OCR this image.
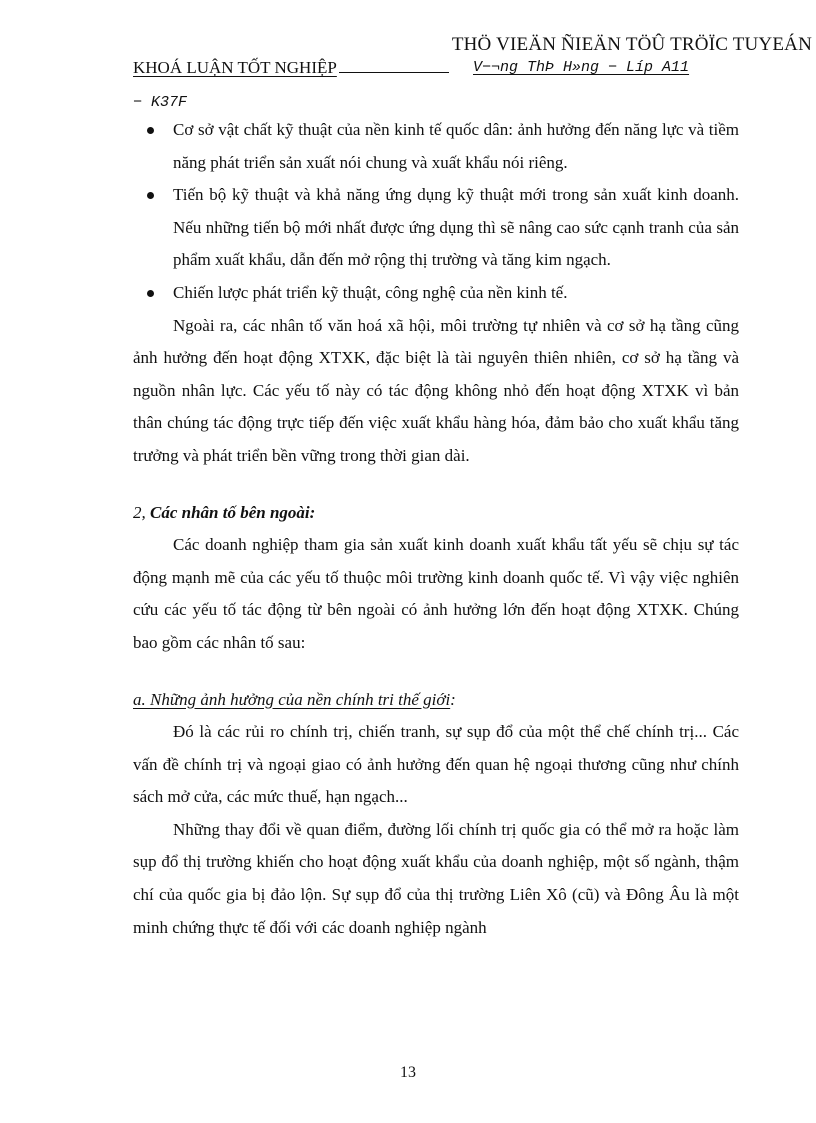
THÖ VIEÄN ÑIEÄN TÖÛ TRÖÏC TUYEÁN
KHOÁ LUẬN TỐT NGHIỆP	V−¬ng ThÞ H»ng − Líp A11
− K37F
Cơ sở vật chất kỹ thuật của nền kinh tế quốc dân: ảnh hưởng đến năng lực và tiềm năng phát triển sản xuất nói chung và xuất khẩu nói riêng.
Tiến bộ kỹ thuật và khả năng ứng dụng kỹ thuật mới trong sản xuất kinh doanh. Nếu những tiến bộ mới nhất được ứng dụng thì sẽ nâng cao sức cạnh tranh của sản phẩm xuất khẩu, dẫn đến mở rộng thị trường và tăng kim ngạch.
Chiến lược phát triển kỹ thuật, công nghệ của nền kinh tế.

Ngoài ra, các nhân tố văn hoá xã hội, môi trường tự nhiên và cơ sở hạ tầng cũng ảnh hưởng đến hoạt động XTXK, đặc biệt là tài nguyên thiên nhiên, cơ sở hạ tầng và nguồn nhân lực. Các yếu tố này có tác động không nhỏ đến hoạt động XTXK vì bản thân chúng tác động trực tiếp đến việc xuất khẩu hàng hóa, đảm bảo cho xuất khẩu tăng trưởng và phát triển bền vững trong thời gian dài.

2, Các nhân tố bên ngoài:

Các doanh nghiệp tham gia sản xuất kinh doanh xuất khẩu tất yếu sẽ chịu sự tác động mạnh mẽ của các yếu tố thuộc môi trường kinh doanh quốc tế. Vì vậy việc nghiên cứu các yếu tố tác động từ bên ngoài có ảnh hưởng lớn đến hoạt động XTXK. Chúng bao gồm các nhân tố sau:

a. Những ảnh hưởng của nền chính tri thế giới:

Đó là các rủi ro chính trị, chiến tranh, sự sụp đổ của một thể chế chính trị... Các vấn đề chính trị và ngoại giao có ảnh hưởng đến quan hệ ngoại thương cũng như chính sách mở cửa, các mức thuế, hạn ngạch...

Những thay đổi về quan điểm, đường lối chính trị quốc gia có thể mở ra hoặc làm sụp đổ thị trường khiến cho hoạt động xuất khẩu của doanh nghiệp, một số ngành, thậm chí của quốc gia bị đảo lộn. Sự sụp đổ của thị trường Liên Xô (cũ) và Đông Âu là một minh chứng thực tế đối với các doanh nghiệp ngành

13
